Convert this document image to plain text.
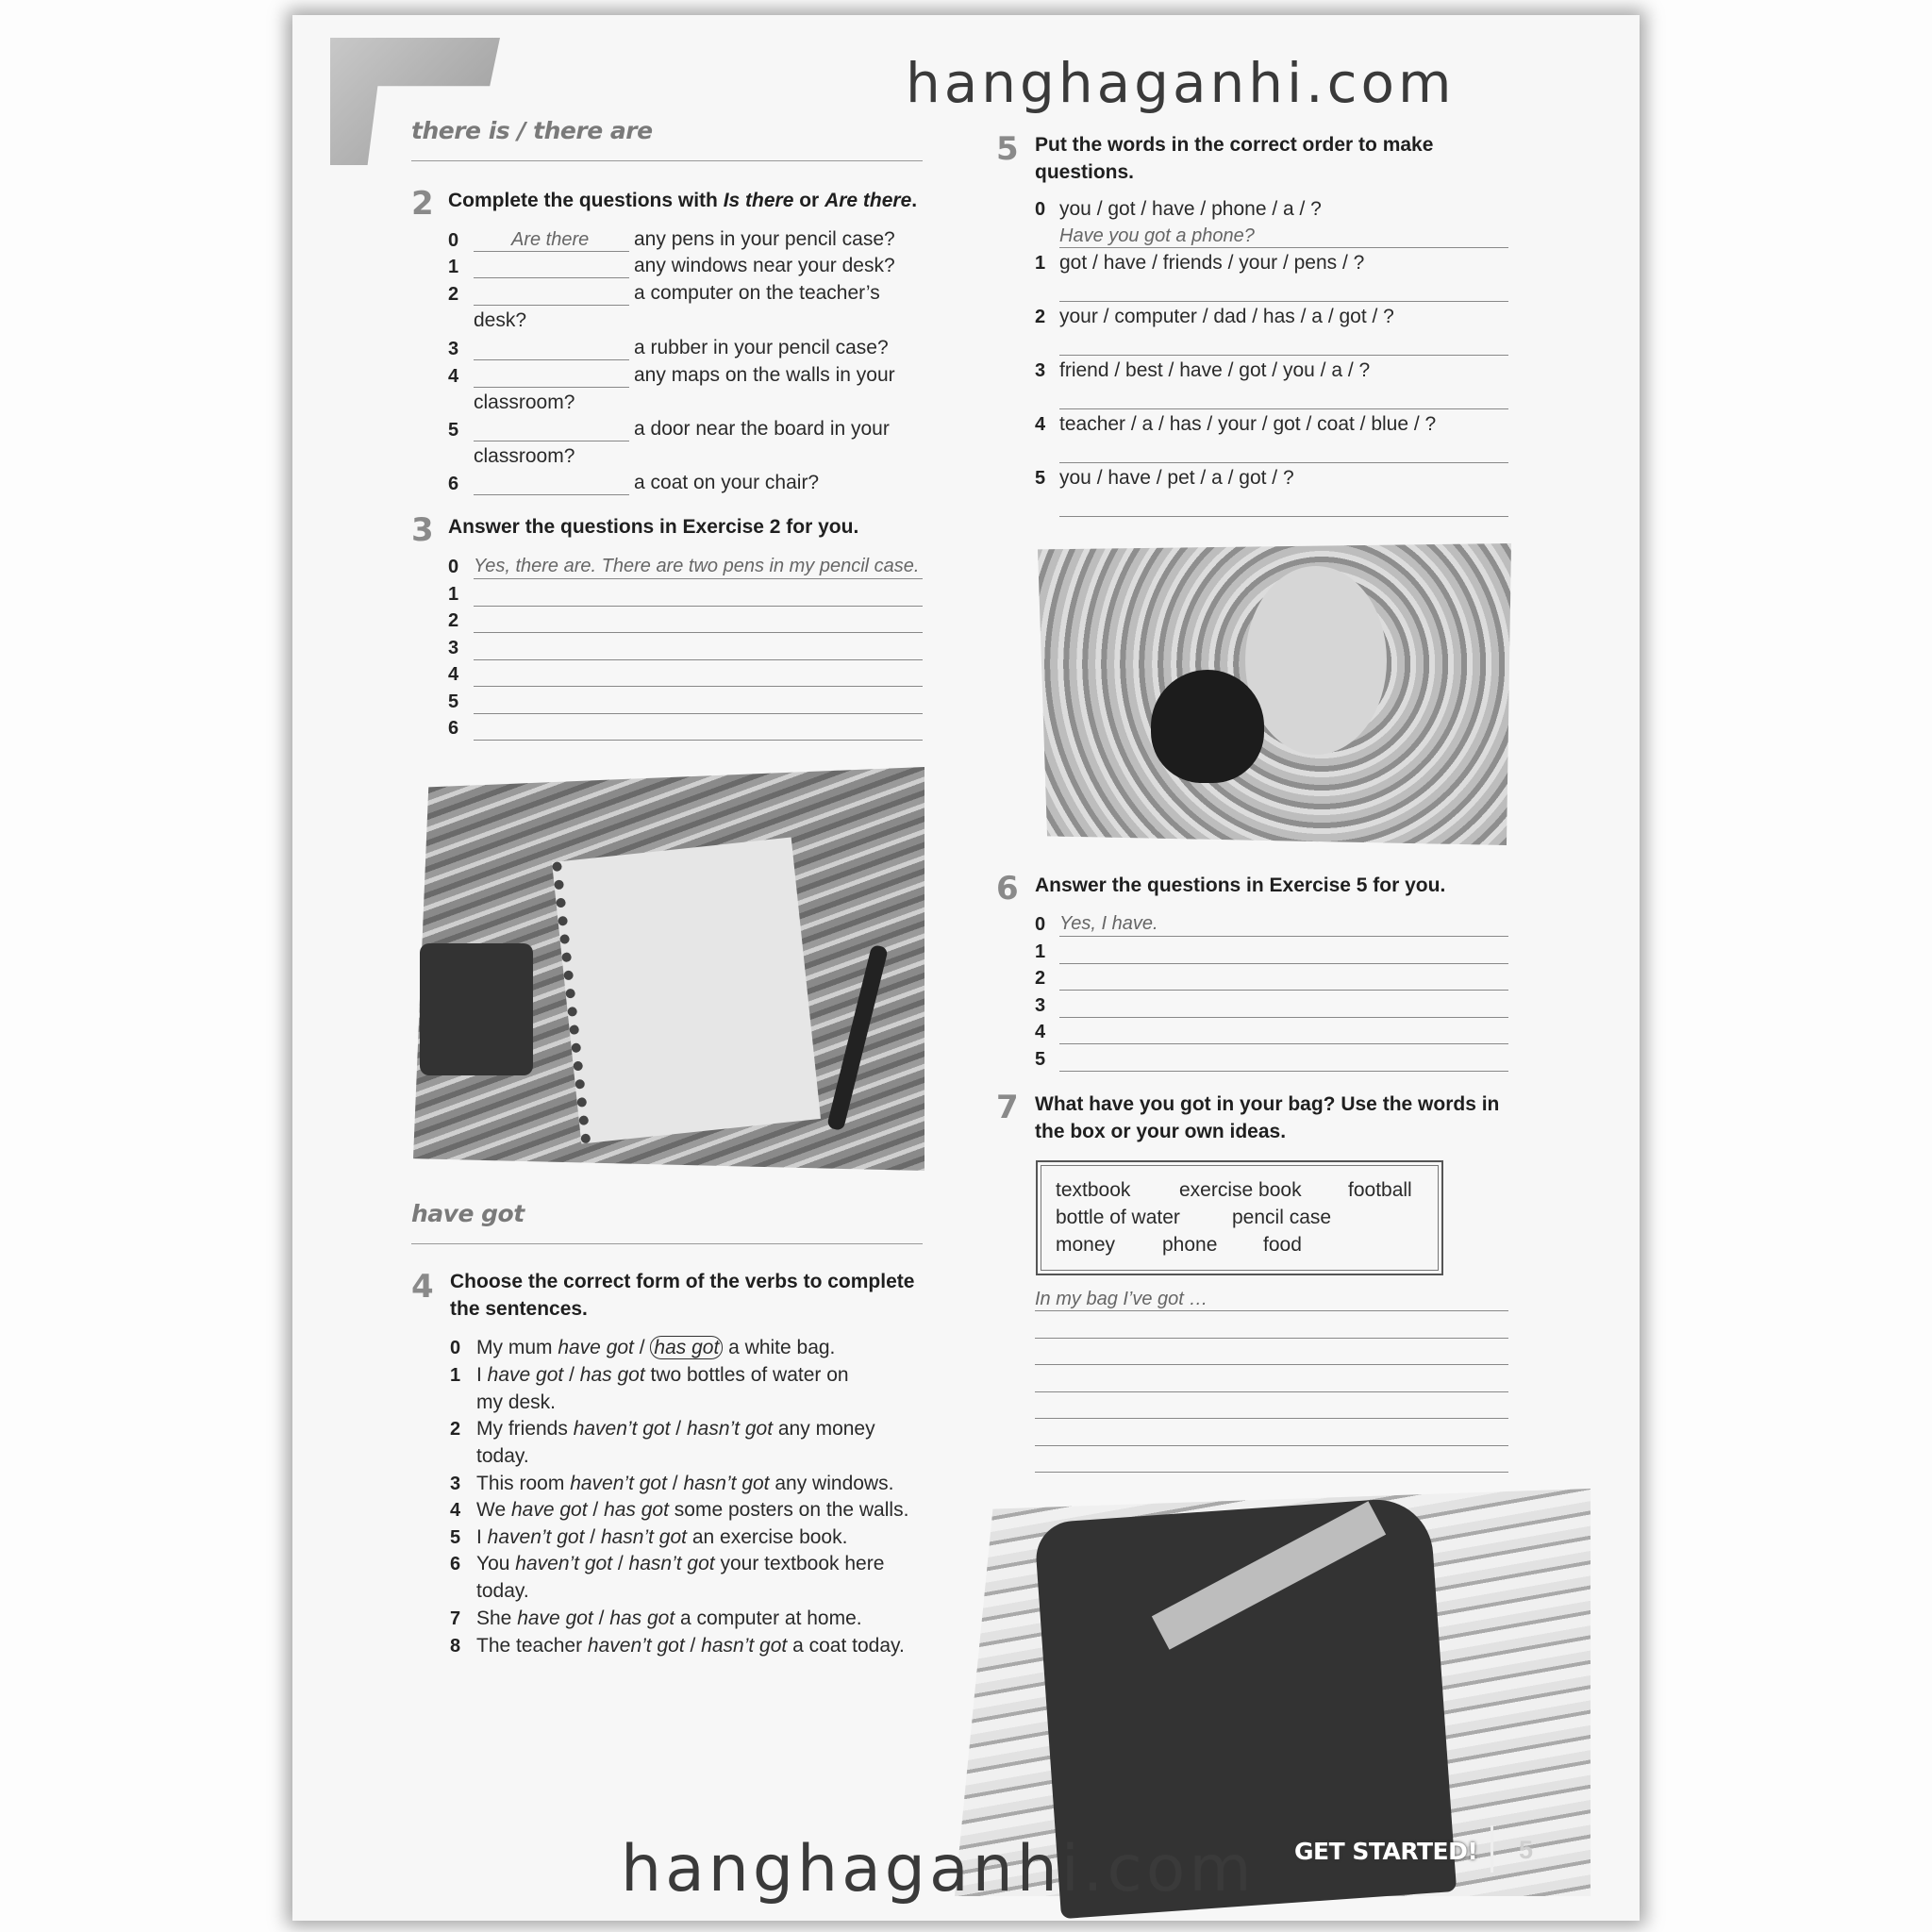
hanghaganhi.com
there is / there are
2 Complete the questions with Is there or Are there.
3 Answer the questions in Exercise 2 for you.
have got
4 Choose the correct form of the verbs to complete
the sentences.
5 Put the words in the correct order to make
questions.
6 Answer the questions in Exercise 5 for you.
7 What have you got in your bag? Use the words in
the box or your own ideas.
textbook exercise book football
bottle of water	pencil case
money phone food
In my bag I’ve got …
GET STARTED! 5
hanghaganhi.com
0	Are there any pens in your pencil case?
1	any windows near your desk?
2	a computer on the teacher’s
desk?
3	a rubber in your pencil case?
4	any maps on the walls in your
classroom?
5	a door near the board in your
classroom?
6	a coat on your chair?
0 Yes, there are. There are two pens in my pencil case.
1
2
3
4
5
6
0 My mum have got / has got a white bag.
1 I have got / has got two bottles of water on
my desk.
2 My friends haven’t got / hasn’t got any money
today.
3 This room haven’t got / hasn’t got any windows.
4 We have got / has got some posters on the walls.
5 I haven’t got / hasn’t got an exercise book.
6 You haven’t got / hasn’t got your textbook here
today.
7 She have got / has got a computer at home.
8 The teacher haven’t got / hasn’t got a coat today.
0 you / got / have / phone / a / ?
Have you got a phone?
1 got / have / friends / your / pens / ?
2 your / computer / dad / has / a / got / ?
3 friend / best / have / got / you / a / ?
4 teacher / a / has / your / got / coat / blue / ?
5 you / have / pet / a / got / ?
0 Yes, I have.
1
2
3
4
5
